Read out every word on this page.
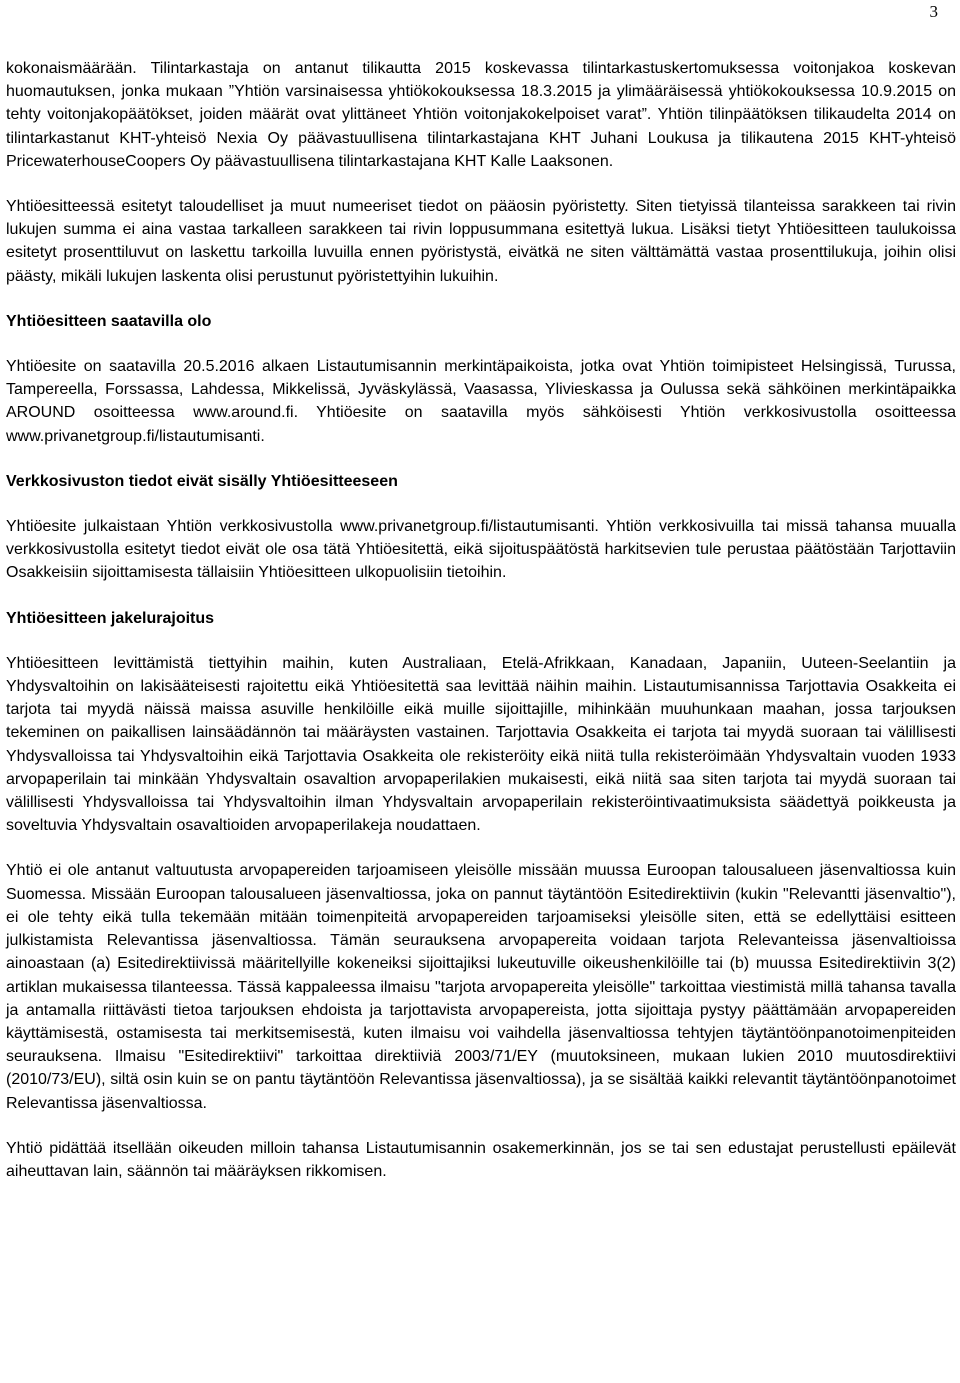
3

kokonaismäärään. Tilintarkastaja on antanut tilikautta 2015 koskevassa tilintarkastuskertomuksessa voitonjakoa koskevan huomautuksen, jonka mukaan ”Yhtiön varsinaisessa yhtiökokouksessa 18.3.2015 ja ylimääräisessä yhtiökokouksessa 10.9.2015 on tehty voitonjakopäätökset, joiden määrät ovat ylittäneet Yhtiön voitonjakokelpoiset varat”. Yhtiön tilinpäätöksen tilikaudelta 2014 on tilintarkastanut KHT-yhteisö Nexia Oy päävastuullisena tilintarkastajana KHT Juhani Loukusa ja tilikautena 2015 KHT-yhteisö PricewaterhouseCoopers Oy päävastuullisena tilintarkastajana KHT Kalle Laaksonen.

Yhtiöesitteessä esitetyt taloudelliset ja muut numeeriset tiedot on pääosin pyöristetty. Siten tietyissä tilanteissa sarakkeen tai rivin lukujen summa ei aina vastaa tarkalleen sarakkeen tai rivin loppusummana esitettyä lukua. Lisäksi tietyt Yhtiöesitteen taulukoissa esitetyt prosenttiluvut on laskettu tarkoilla luvuilla ennen pyöristystä, eivätkä ne siten välttämättä vastaa prosenttilukuja, joihin olisi päästy, mikäli lukujen laskenta olisi perustunut pyöristettyihin lukuihin.

Yhtiöesitteen saatavilla olo

Yhtiöesite on saatavilla 20.5.2016 alkaen Listautumisannin merkintäpaikoista, jotka ovat Yhtiön toimipisteet Helsingissä, Turussa, Tampereella, Forssassa, Lahdessa, Mikkelissä, Jyväskylässä, Vaasassa, Ylivieskassa ja Oulussa sekä sähköinen merkintäpaikka AROUND osoitteessa www.around.fi. Yhtiöesite on saatavilla myös sähköisesti Yhtiön verkkosivustolla osoitteessa www.privanetgroup.fi/listautumisanti.

Verkkosivuston tiedot eivät sisälly Yhtiöesitteeseen

Yhtiöesite julkaistaan Yhtiön verkkosivustolla www.privanetgroup.fi/listautumisanti. Yhtiön verkkosivuilla tai missä tahansa muualla verkkosivustolla esitetyt tiedot eivät ole osa tätä Yhtiöesitettä, eikä sijoituspäätöstä harkitsevien tule perustaa päätöstään Tarjottaviin Osakkeisiin sijoittamisesta tällaisiin Yhtiöesitteen ulkopuolisiin tietoihin.

Yhtiöesitteen jakelurajoitus

Yhtiöesitteen levittämistä tiettyihin maihin, kuten Australiaan, Etelä-Afrikkaan, Kanadaan, Japaniin, Uuteen-Seelantiin ja Yhdysvaltoihin on lakisääteisesti rajoitettu eikä Yhtiöesitettä saa levittää näihin maihin. Listautumisannissa Tarjottavia Osakkeita ei tarjota tai myydä näissä maissa asuville henkilöille eikä muille sijoittajille, mihinkään muuhunkaan maahan, jossa tarjouksen tekeminen on paikallisen lainsäädännön tai määräysten vastainen. Tarjottavia Osakkeita ei tarjota tai myydä suoraan tai välillisesti Yhdysvalloissa tai Yhdysvaltoihin eikä Tarjottavia Osakkeita ole rekisteröity eikä niitä tulla rekisteröimään Yhdysvaltain vuoden 1933 arvopaperilain tai minkään Yhdysvaltain osavaltion arvopaperilakien mukaisesti, eikä niitä saa siten tarjota tai myydä suoraan tai välillisesti Yhdysvalloissa tai Yhdysvaltoihin ilman Yhdysvaltain arvopaperilain rekisteröintivaatimuksista säädettyä poikkeusta ja soveltuvia Yhdysvaltain osavaltioiden arvopaperilakeja noudattaen.

Yhtiö ei ole antanut valtuutusta arvopapereiden tarjoamiseen yleisölle missään muussa Euroopan talousalueen jäsenvaltiossa kuin Suomessa. Missään Euroopan talousalueen jäsenvaltiossa, joka on pannut täytäntöön Esitedirektiivin (kukin "Relevantti jäsenvaltio"), ei ole tehty eikä tulla tekemään mitään toimenpiteitä arvopapereiden tarjoamiseksi yleisölle siten, että se edellyttäisi esitteen julkistamista Relevantissa jäsenvaltiossa. Tämän seurauksena arvopapereita voidaan tarjota Relevanteissa jäsenvaltioissa ainoastaan (a) Esitedirektiivissä määritellyille kokeneiksi sijoittajiksi lukeutuville oikeushenkilöille tai (b) muussa Esitedirektiivin 3(2) artiklan mukaisessa tilanteessa. Tässä kappaleessa ilmaisu "tarjota arvopapereita yleisölle" tarkoittaa viestimistä millä tahansa tavalla ja antamalla riittävästi tietoa tarjouksen ehdoista ja tarjottavista arvopapereista, jotta sijoittaja pystyy päättämään arvopapereiden käyttämisestä, ostamisesta tai merkitsemisestä, kuten ilmaisu voi vaihdella jäsenvaltiossa tehtyjen täytäntöönpanotoimenpiteiden seurauksena. Ilmaisu "Esitedirektiivi" tarkoittaa direktiiviä 2003/71/EY (muutoksineen, mukaan lukien 2010 muutosdirektiivi (2010/73/EU), siltä osin kuin se on pantu täytäntöön Relevantissa jäsenvaltiossa), ja se sisältää kaikki relevantit täytäntöönpanotoimet Relevantissa jäsenvaltiossa.

Yhtiö pidättää itsellään oikeuden milloin tahansa Listautumisannin osakemerkinnän, jos se tai sen edustajat perustellusti epäilevät aiheuttavan lain, säännön tai määräyksen rikkomisen.
